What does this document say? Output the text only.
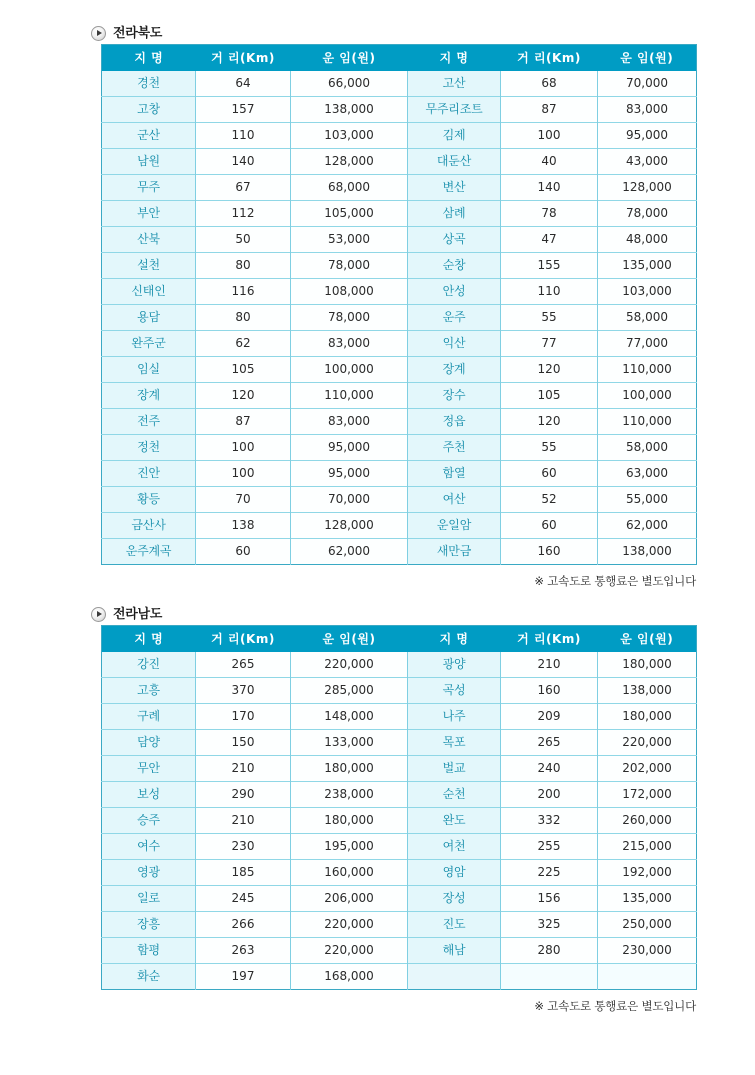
전라북도
지 명	거 리(Km)	운 임(원)	지 명	거 리(Km)	운 임(원)
경천	64	66,000	고산	68	70,000
고창	157	138,000	무주리조트	87	83,000
군산	110	103,000	김제	100	95,000
남원	140	128,000	대둔산	40	43,000
무주	67	68,000	변산	140	128,000
부안	112	105,000	삼례	78	78,000
산북	50	53,000	상곡	47	48,000
설천	80	78,000	순창	155	135,000
신태인	116	108,000	안성	110	103,000
용담	80	78,000	운주	55	58,000
완주군	62	83,000	익산	77	77,000
임실	105	100,000	장계	120	110,000
장계	120	110,000	장수	105	100,000
전주	87	83,000	정읍	120	110,000
정천	100	95,000	주천	55	58,000
진안	100	95,000	함열	60	63,000
황등	70	70,000	여산	52	55,000
금산사	138	128,000	운일암	60	62,000
운주계곡	60	62,000	새만금	160	138,000
※ 고속도로 통행료은 별도입니다
전라남도
지 명	거 리(Km)	운 임(원)	지 명	거 리(Km)	운 임(원)
강진	265	220,000	광양	210	180,000
고흥	370	285,000	곡성	160	138,000
구례	170	148,000	나주	209	180,000
담양	150	133,000	목포	265	220,000
무안	210	180,000	벌교	240	202,000
보성	290	238,000	순천	200	172,000
승주	210	180,000	완도	332	260,000
여수	230	195,000	여천	255	215,000
영광	185	160,000	영암	225	192,000
일로	245	206,000	장성	156	135,000
장흥	266	220,000	진도	325	250,000
함평	263	220,000	해남	280	230,000
화순	197	168,000			
※ 고속도로 통행료은 별도입니다
